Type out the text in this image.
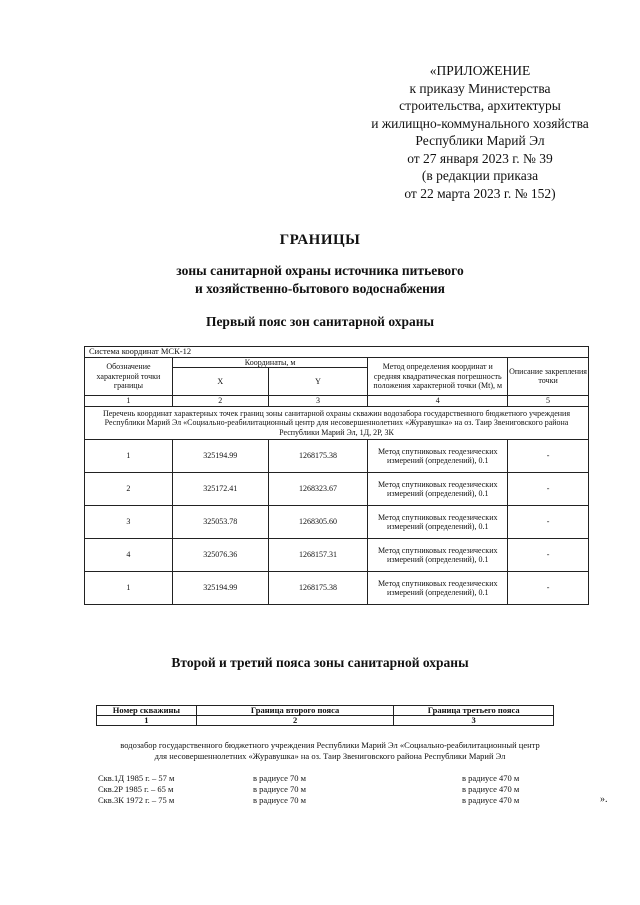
«ПРИЛОЖЕНИЕ
к приказу Министерства
строительства, архитектуры
и жилищно-коммунального хозяйства
Республики Марий Эл
от 27 января 2023 г. № 39
(в редакции приказа
от 22 марта 2023 г. № 152)
ГРАНИЦЫ
зоны санитарной охраны источника питьевого
и хозяйственно-бытового водоснабжения
Первый пояс зон санитарной охраны
Система координат МСК-12				
Обозначение характерной точки границы	Координаты, м		Метод определения координат и средняя квадратическая погрешность положения характерной точки (Mt), м	Описание закрепления точки
	X	Y		
1	2	3	4	5
Перечень координат характерных точек границ зоны санитарной охраны скважин водозабора государственного бюджетного учреждения Республики Марий Эл «Социально-реабилитационный центр для несовершеннолетних «Журавушка» на оз. Таир Звениговского района Республики Марий Эл, 1Д, 2Р, 3К				
1	325194.99	1268175.38	Метод спутниковых геодезических измерений (определений), 0.1	-
2	325172.41	1268323.67	Метод спутниковых геодезических измерений (определений), 0.1	-
3	325053.78	1268305.60	Метод спутниковых геодезических измерений (определений), 0.1	-
4	325076.36	1268157.31	Метод спутниковых геодезических измерений (определений), 0.1	-
1	325194.99	1268175.38	Метод спутниковых геодезических измерений (определений), 0.1	-
Второй и третий пояса зоны санитарной охраны
Номер скважины	Граница второго пояса	Граница третьего пояса
1	2	3
водозабор государственного бюджетного учреждения Республики Марий Эл «Социально-реабилитационный центр
для несовершеннолетних «Журавушка» на оз. Таир Звениговского района Республики Марий Эл
Скв.1Д 1985 г. – 57 м	в радиусе 70 м	в радиусе 470 м
Скв.2Р 1985 г. – 65 м	в радиусе 70 м	в радиусе 470 м
Скв.3К 1972 г. – 75 м	в радиусе 70 м	в радиусе 470 м	».
